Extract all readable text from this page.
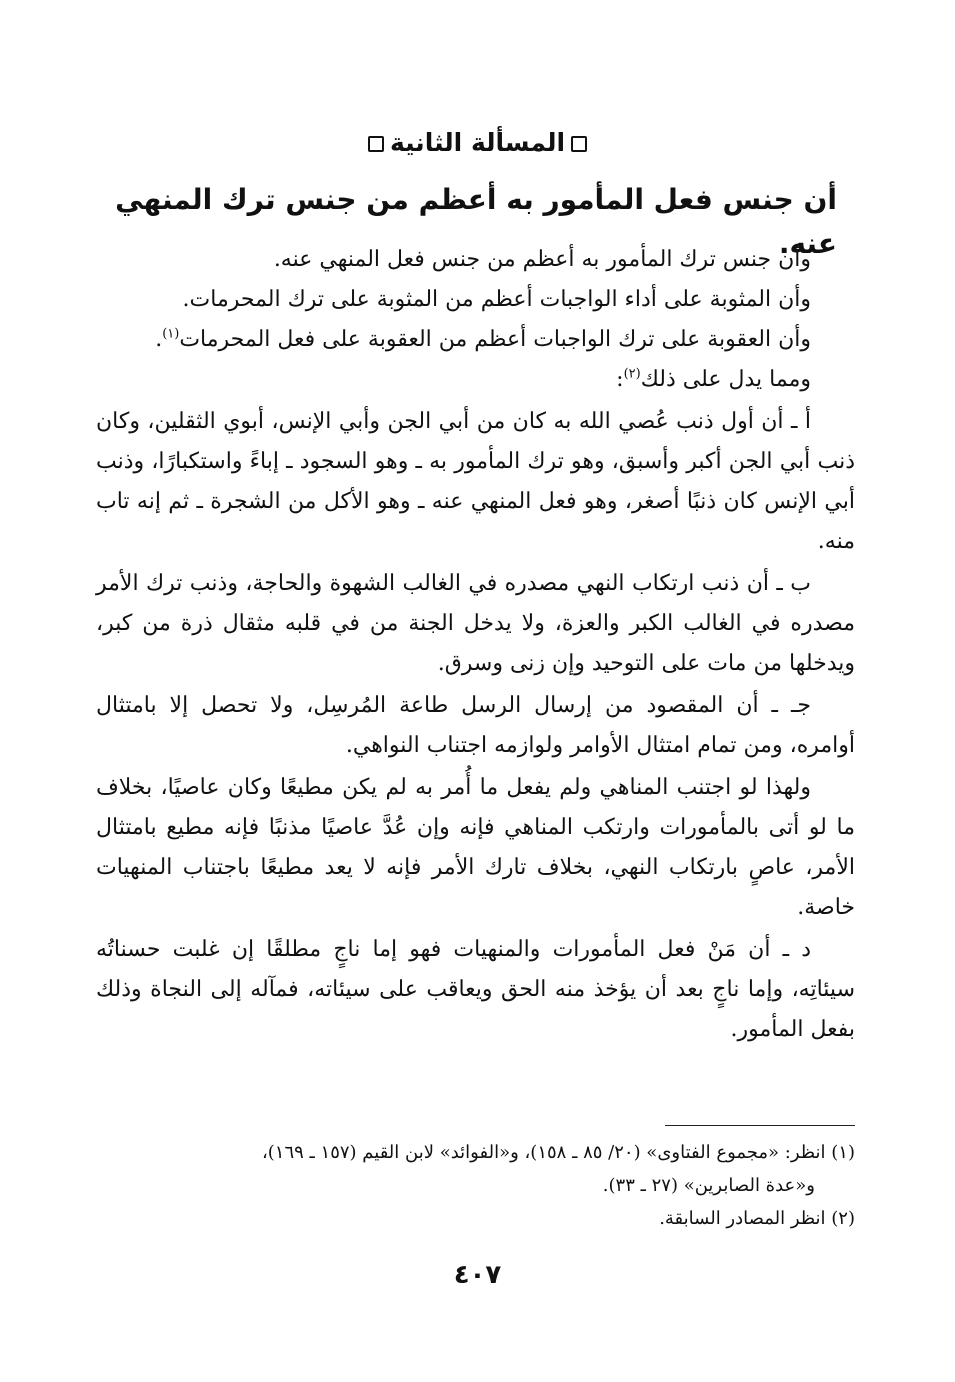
المسألة الثانية
أن جنس فعل المأمور به أعظم من جنس ترك المنهي عنه.

وأن جنس ترك المأمور به أعظم من جنس فعل المنهي عنه.

وأن المثوبة على أداء الواجبات أعظم من المثوبة على ترك المحرمات.

وأن العقوبة على ترك الواجبات أعظم من العقوبة على فعل المحرمات$^{(١)}$.

ومما يدل على ذلك$^{(٢)}$:

أ ـ أن أول ذنب عُصي الله به كان من أبي الجن وأبي الإنس، أبوي الثقلين، وكان ذنب أبي الجن أكبر وأسبق، وهو ترك المأمور به ـ وهو السجود ـ إباءً واستكبارًا، وذنب أبي الإنس كان ذنبًا أصغر، وهو فعل المنهي عنه ـ وهو الأكل من الشجرة ـ ثم إنه تاب منه.

ب ـ أن ذنب ارتكاب النهي مصدره في الغالب الشهوة والحاجة، وذنب ترك الأمر مصدره في الغالب الكبر والعزة، ولا يدخل الجنة من في قلبه مثقال ذرة من كبر، ويدخلها من مات على التوحيد وإن زنى وسرق.

جـ ـ أن المقصود من إرسال الرسل طاعة المُرسِل، ولا تحصل إلا بامتثال أوامره، ومن تمام امتثال الأوامر ولوازمه اجتناب النواهي.

ولهذا لو اجتنب المناهي ولم يفعل ما أُمر به لم يكن مطيعًا وكان عاصيًا، بخلاف ما لو أتى بالمأمورات وارتكب المناهي فإنه وإن عُدَّ عاصيًا مذنبًا فإنه مطيع بامتثال الأمر، عاصٍ بارتكاب النهي، بخلاف تارك الأمر فإنه لا يعد مطيعًا باجتناب المنهيات خاصة.

د ـ أن مَنْ فعل المأمورات والمنهيات فهو إما ناجٍ مطلقًا إن غلبت حسناتُه سيئاتِه، وإما ناجٍ بعد أن يؤخذ منه الحق ويعاقب على سيئاته، فمآله إلى النجاة وذلك بفعل المأمور.

(١) انظر: «مجموع الفتاوى» (٢٠/ ٨٥ ـ ١٥٨)، و«الفوائد» لابن القيم (١٥٧ ـ ١٦٩)،

و«عدة الصابرين» (٢٧ ـ ٣٣).

(٢) انظر المصادر السابقة.

٤٠٧
